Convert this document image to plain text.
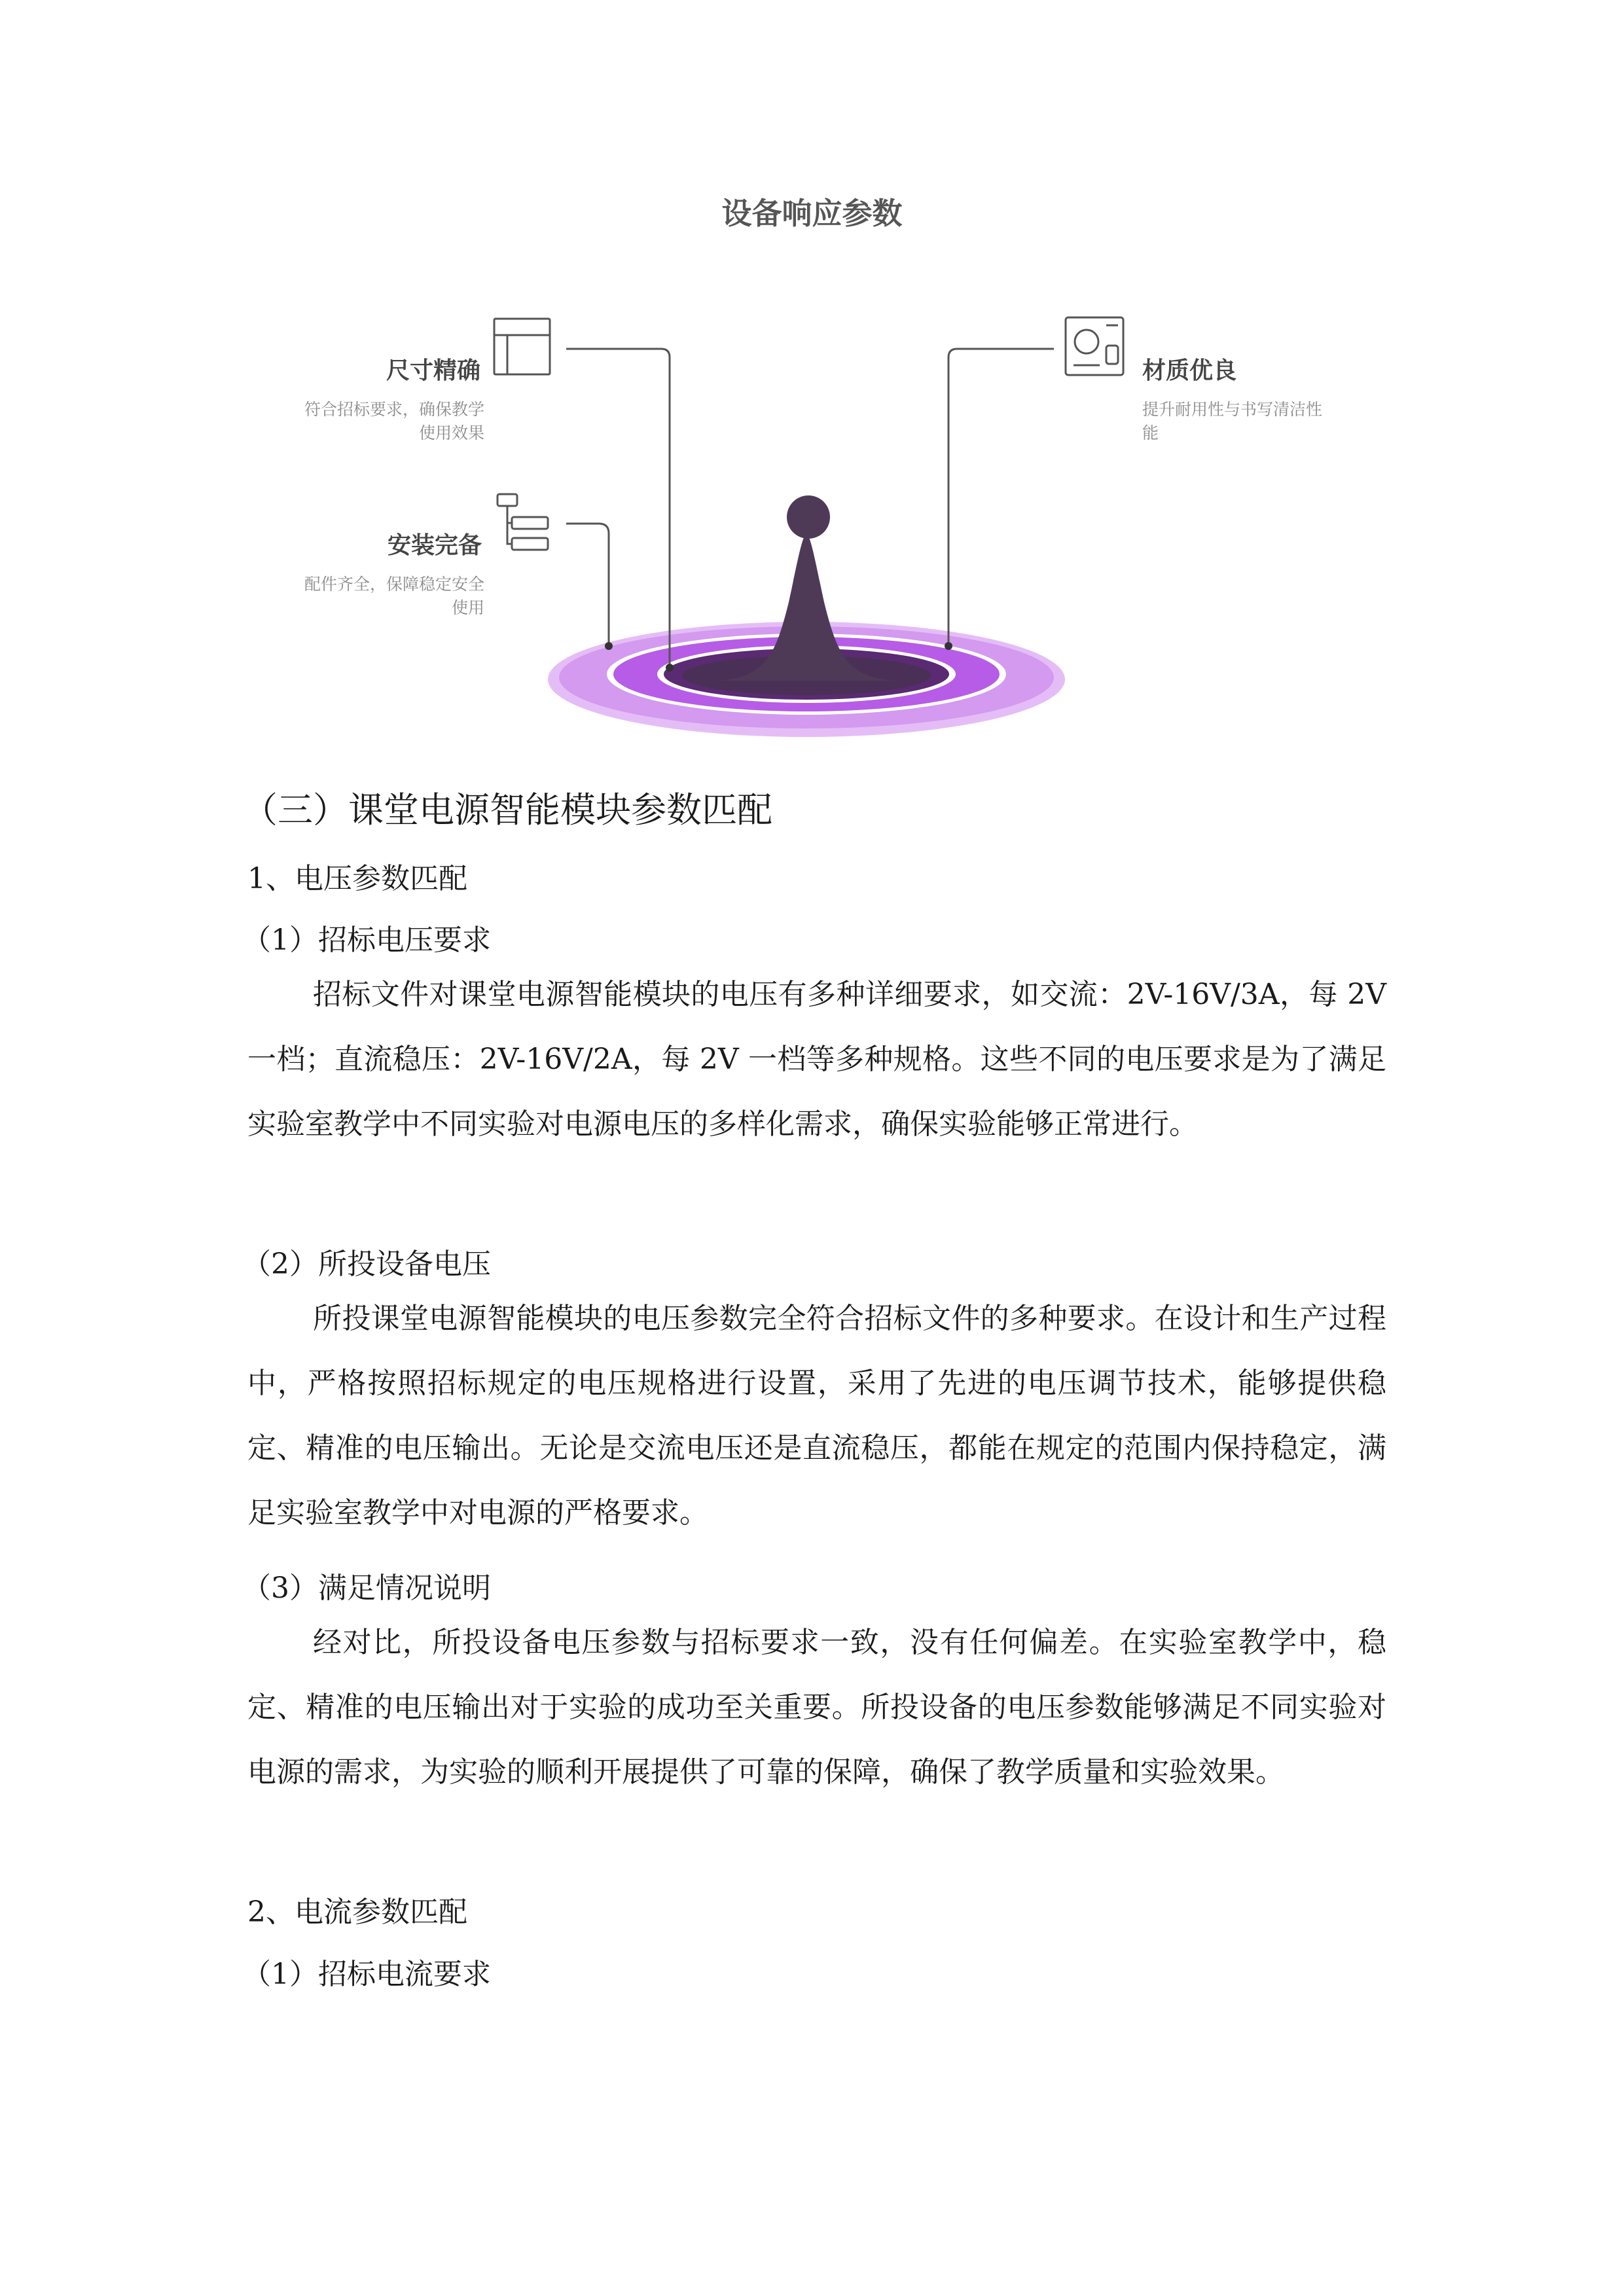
设备响应参数
尺寸精确
符合招标要求，确保教学使用效果
安装完备
配件齐全，保障稳定安全使用
材质优良
提升耐用性与书写清洁性能
（三）课堂电源智能模块参数匹配
1、电压参数匹配
（1）招标电压要求

招标文件对课堂电源智能模块的电压有多种详细要求，如交流：2V-16V/3A，每 2V 一档；直流稳压：2V-16V/2A，每 2V 一档等多种规格。这些不同的电压要求是为了满足实验室教学中不同实验对电源电压的多样化需求，确保实验能够正常进行。

（2）所投设备电压

所投课堂电源智能模块的电压参数完全符合招标文件的多种要求。在设计和生产过程中，严格按照招标规定的电压规格进行设置，采用了先进的电压调节技术，能够提供稳定、精准的电压输出。无论是交流电压还是直流稳压，都能在规定的范围内保持稳定，满足实验室教学中对电源的严格要求。

（3）满足情况说明

经对比，所投设备电压参数与招标要求一致，没有任何偏差。在实验室教学中，稳定、精准的电压输出对于实验的成功至关重要。所投设备的电压参数能够满足不同实验对电源的需求，为实验的顺利开展提供了可靠的保障，确保了教学质量和实验效果。

2、电流参数匹配
（1）招标电流要求
